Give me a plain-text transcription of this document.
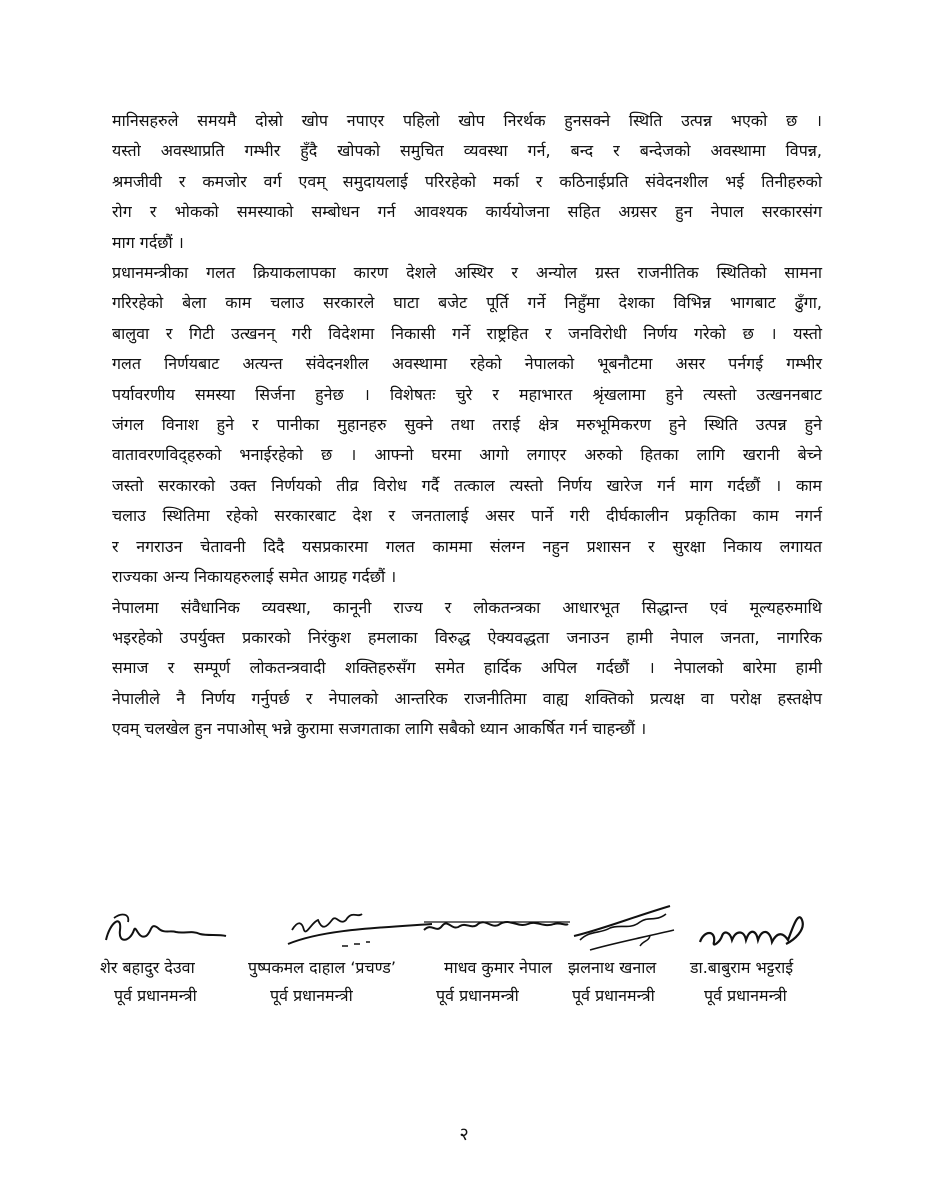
मानिसहरुले समयमै दोस्रो खोप नपाएर पहिलो खोप निरर्थक हुनसक्ने स्थिति उत्पन्न भएको छ ।
यस्तो अवस्थाप्रति गम्भीर हुँदै खोपको समुचित व्यवस्था गर्न, बन्द र बन्देजको अवस्थामा विपन्न,
श्रमजीवी र कमजोर वर्ग एवम् समुदायलाई परिरहेको मर्का र कठिनाईप्रति संवेदनशील भई तिनीहरुको
रोग र भोकको समस्याको सम्बोधन गर्न आवश्यक कार्ययोजना सहित अग्रसर हुन नेपाल सरकारसंग
माग गर्दछौं ।
प्रधानमन्त्रीका गलत क्रियाकलापका कारण देशले अस्थिर र अन्योल ग्रस्त राजनीतिक स्थितिको सामना
गरिरहेको बेला काम चलाउ सरकारले घाटा बजेट पूर्ति गर्ने निहुँमा देशका विभिन्न भागबाट ढुँगा,
बालुवा र गिटी उत्खनन् गरी विदेशमा निकासी गर्ने राष्ट्रहित र जनविरोधी निर्णय गरेको छ । यस्तो
गलत निर्णयबाट अत्यन्त संवेदनशील अवस्थामा रहेको नेपालको भूबनौटमा असर पर्नगई गम्भीर
पर्यावरणीय समस्या सिर्जना हुनेछ । विशेषतः चुरे र महाभारत श्रृंखलामा हुने त्यस्तो उत्खननबाट
जंगल विनाश हुने र पानीका मुहानहरु सुक्ने तथा तराई क्षेत्र मरुभूमिकरण हुने स्थिति उत्पन्न हुने
वातावरणविद्हरुको भनाईरहेको छ । आफ्नो घरमा आगो लगाएर अरुको हितका लागि खरानी बेच्ने
जस्तो सरकारको उक्त निर्णयको तीव्र विरोध गर्दै तत्काल त्यस्तो निर्णय खारेज गर्न माग गर्दछौं । काम
चलाउ स्थितिमा रहेको सरकारबाट देश र जनतालाई असर पार्ने गरी दीर्घकालीन प्रकृतिका काम नगर्न
र नगराउन चेतावनी दिदै यसप्रकारमा गलत काममा संलग्न नहुन प्रशासन र सुरक्षा निकाय लगायत
राज्यका अन्य निकायहरुलाई समेत आग्रह गर्दछौं ।
नेपालमा संवैधानिक व्यवस्था, कानूनी राज्य र लोकतन्त्रका आधारभूत सिद्धान्त एवं मूल्यहरुमाथि
भइरहेको उपर्युक्त प्रकारको निरंकुश हमलाका विरुद्ध ऐक्यवद्धता जनाउन हामी नेपाल जनता, नागरिक
समाज र सम्पूर्ण लोकतन्त्रवादी शक्तिहरुसँग समेत हार्दिक अपिल गर्दछौं । नेपालको बारेमा हामी
नेपालीले नै निर्णय गर्नुपर्छ र नेपालको आन्तरिक राजनीतिमा वाह्य शक्तिको प्रत्यक्ष वा परोक्ष हस्तक्षेप
एवम् चलखेल हुन नपाओस् भन्ने कुरामा सजगताका लागि सबैको ध्यान आकर्षित गर्न चाहन्छौं ।
शेर बहादुर देउवा
पूर्व प्रधानमन्त्री
पुष्पकमल दाहाल ‘प्रचण्ड’
पूर्व प्रधानमन्त्री
माधव कुमार नेपाल
पूर्व प्रधानमन्त्री
झलनाथ खनाल
पूर्व प्रधानमन्त्री
डा.बाबुराम भट्टराई
पूर्व प्रधानमन्त्री
२
